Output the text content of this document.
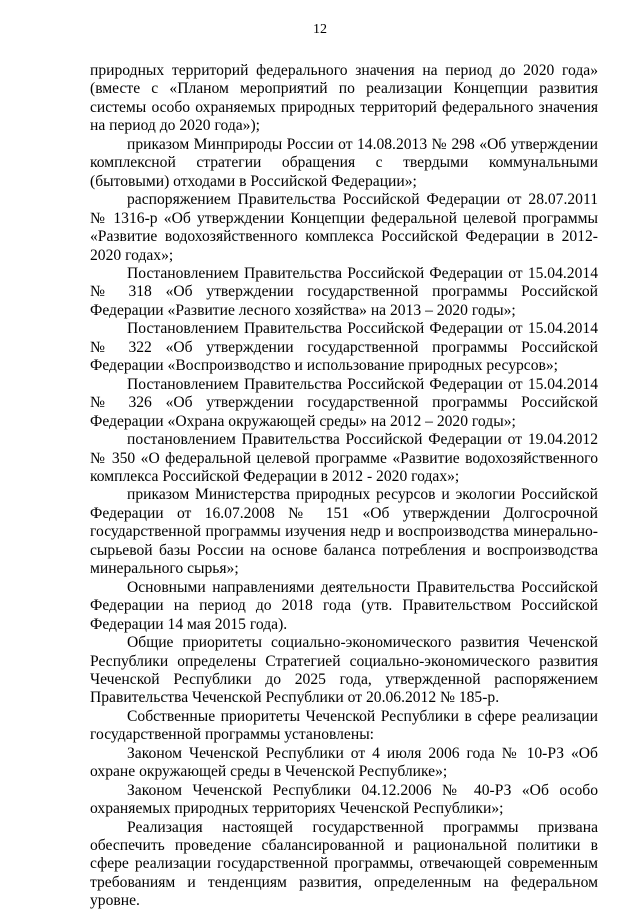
12

природных территорий федерального значения на период до 2020 года» (вместе с «Планом мероприятий по реализации Концепции развития системы особо охраняемых природных территорий федерального значения на период до 2020 года»);

приказом Минприроды России от 14.08.2013 № 298 «Об утверждении комплексной стратегии обращения с твердыми коммунальными (бытовыми) отходами в Российской Федерации»;

распоряжением Правительства Российской Федерации от 28.07.2011 № 1316-р «Об утверждении Концепции федеральной целевой программы «Развитие водохозяйственного комплекса Российской Федерации в 2012-2020 годах»;

Постановлением Правительства Российской Федерации от 15.04.2014 № 318 «Об утверждении государственной программы Российской Федерации «Развитие лесного хозяйства» на 2013 – 2020 годы»;

Постановлением Правительства Российской Федерации от 15.04.2014 № 322 «Об утверждении государственной программы Российской Федерации «Воспроизводство и использование природных ресурсов»;

Постановлением Правительства Российской Федерации от 15.04.2014 № 326 «Об утверждении государственной программы Российской Федерации «Охрана окружающей среды» на 2012 – 2020 годы»;

постановлением Правительства Российской Федерации от 19.04.2012 № 350 «О федеральной целевой программе «Развитие водохозяйственного комплекса Российской Федерации в 2012 - 2020 годах»;

приказом Министерства природных ресурсов и экологии Российской Федерации от 16.07.2008 № 151 «Об утверждении Долгосрочной государственной программы изучения недр и воспроизводства минерально-сырьевой базы России на основе баланса потребления и воспроизводства минерального сырья»;

Основными направлениями деятельности Правительства Российской Федерации на период до 2018 года (утв. Правительством Российской Федерации 14 мая 2015 года).

Общие приоритеты социально-экономического развития Чеченской Республики определены Стратегией социально-экономического развития Чеченской Республики до 2025 года, утвержденной распоряжением Правительства Чеченской Республики от 20.06.2012 № 185-р.

Собственные приоритеты Чеченской Республики в сфере реализации государственной программы установлены:

Законом Чеченской Республики от 4 июля 2006 года № 10-РЗ «Об охране окружающей среды в Чеченской Республике»;

Законом Чеченской Республики 04.12.2006 № 40-РЗ «Об особо охраняемых природных территориях Чеченской Республики»;

Реализация настоящей государственной программы призвана обеспечить проведение сбалансированной и рациональной политики в сфере реализации государственной программы, отвечающей современным требованиям и тенденциям развития, определенным на федеральном уровне.
